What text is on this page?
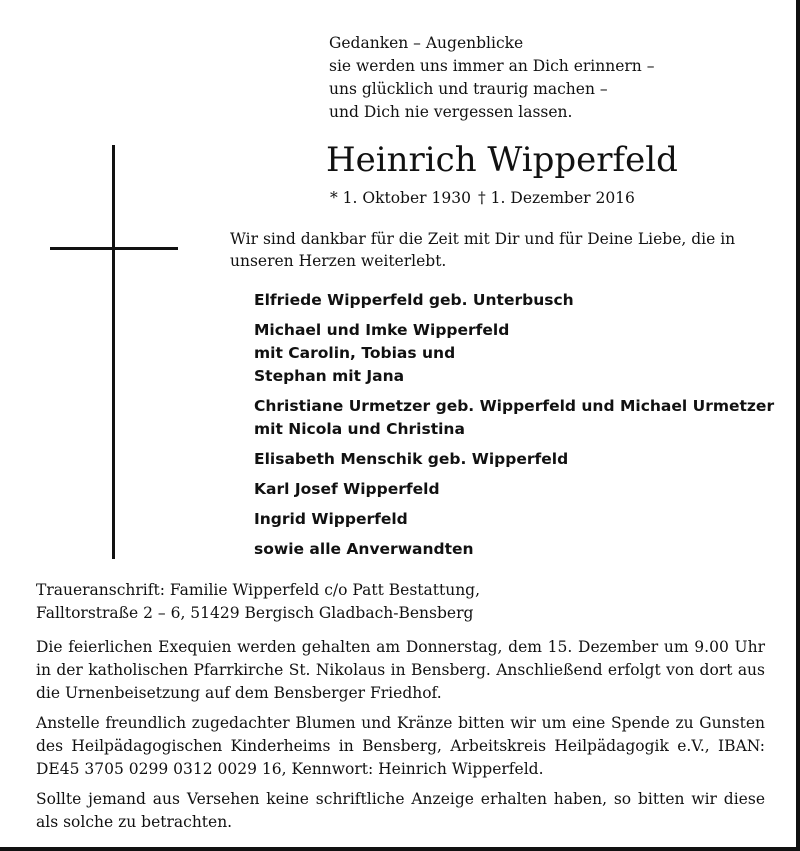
Gedanken – Augenblicke
sie werden uns immer an Dich erinnern –
uns glücklich und traurig machen –
und Dich nie vergessen lassen.
Heinrich Wipperfeld
* 1. Oktober 1930 † 1. Dezember 2016
Wir sind dankbar für die Zeit mit Dir und für Deine Liebe, die in unseren Herzen weiterlebt.
Elfriede Wipperfeld geb. Unterbusch
Michael und Imke Wipperfeld
mit Carolin, Tobias und
Stephan mit Jana
Christiane Urmetzer geb. Wipperfeld und Michael Urmetzer
mit Nicola und Christina
Elisabeth Menschik geb. Wipperfeld
Karl Josef Wipperfeld
Ingrid Wipperfeld
sowie alle Anverwandten
Traueranschrift: Familie Wipperfeld c/o Patt Bestattung,
Falltorstraße 2 – 6, 51429 Bergisch Gladbach-Bensberg

Die feierlichen Exequien werden gehalten am Donnerstag, dem 15. Dezember um 9.00 Uhr in der katholischen Pfarrkirche St. Nikolaus in Bensberg. Anschließend erfolgt von dort aus die Urnenbeisetzung auf dem Bensberger Friedhof.

Anstelle freundlich zugedachter Blumen und Kränze bitten wir um eine Spende zu Gunsten des Heilpädagogischen Kinderheims in Bensberg, Arbeitskreis Heilpädagogik e.V., IBAN: DE45 3705 0299 0312 0029 16, Kennwort: Heinrich Wipperfeld.

Sollte jemand aus Versehen keine schriftliche Anzeige erhalten haben, so bitten wir diese als solche zu betrachten.
